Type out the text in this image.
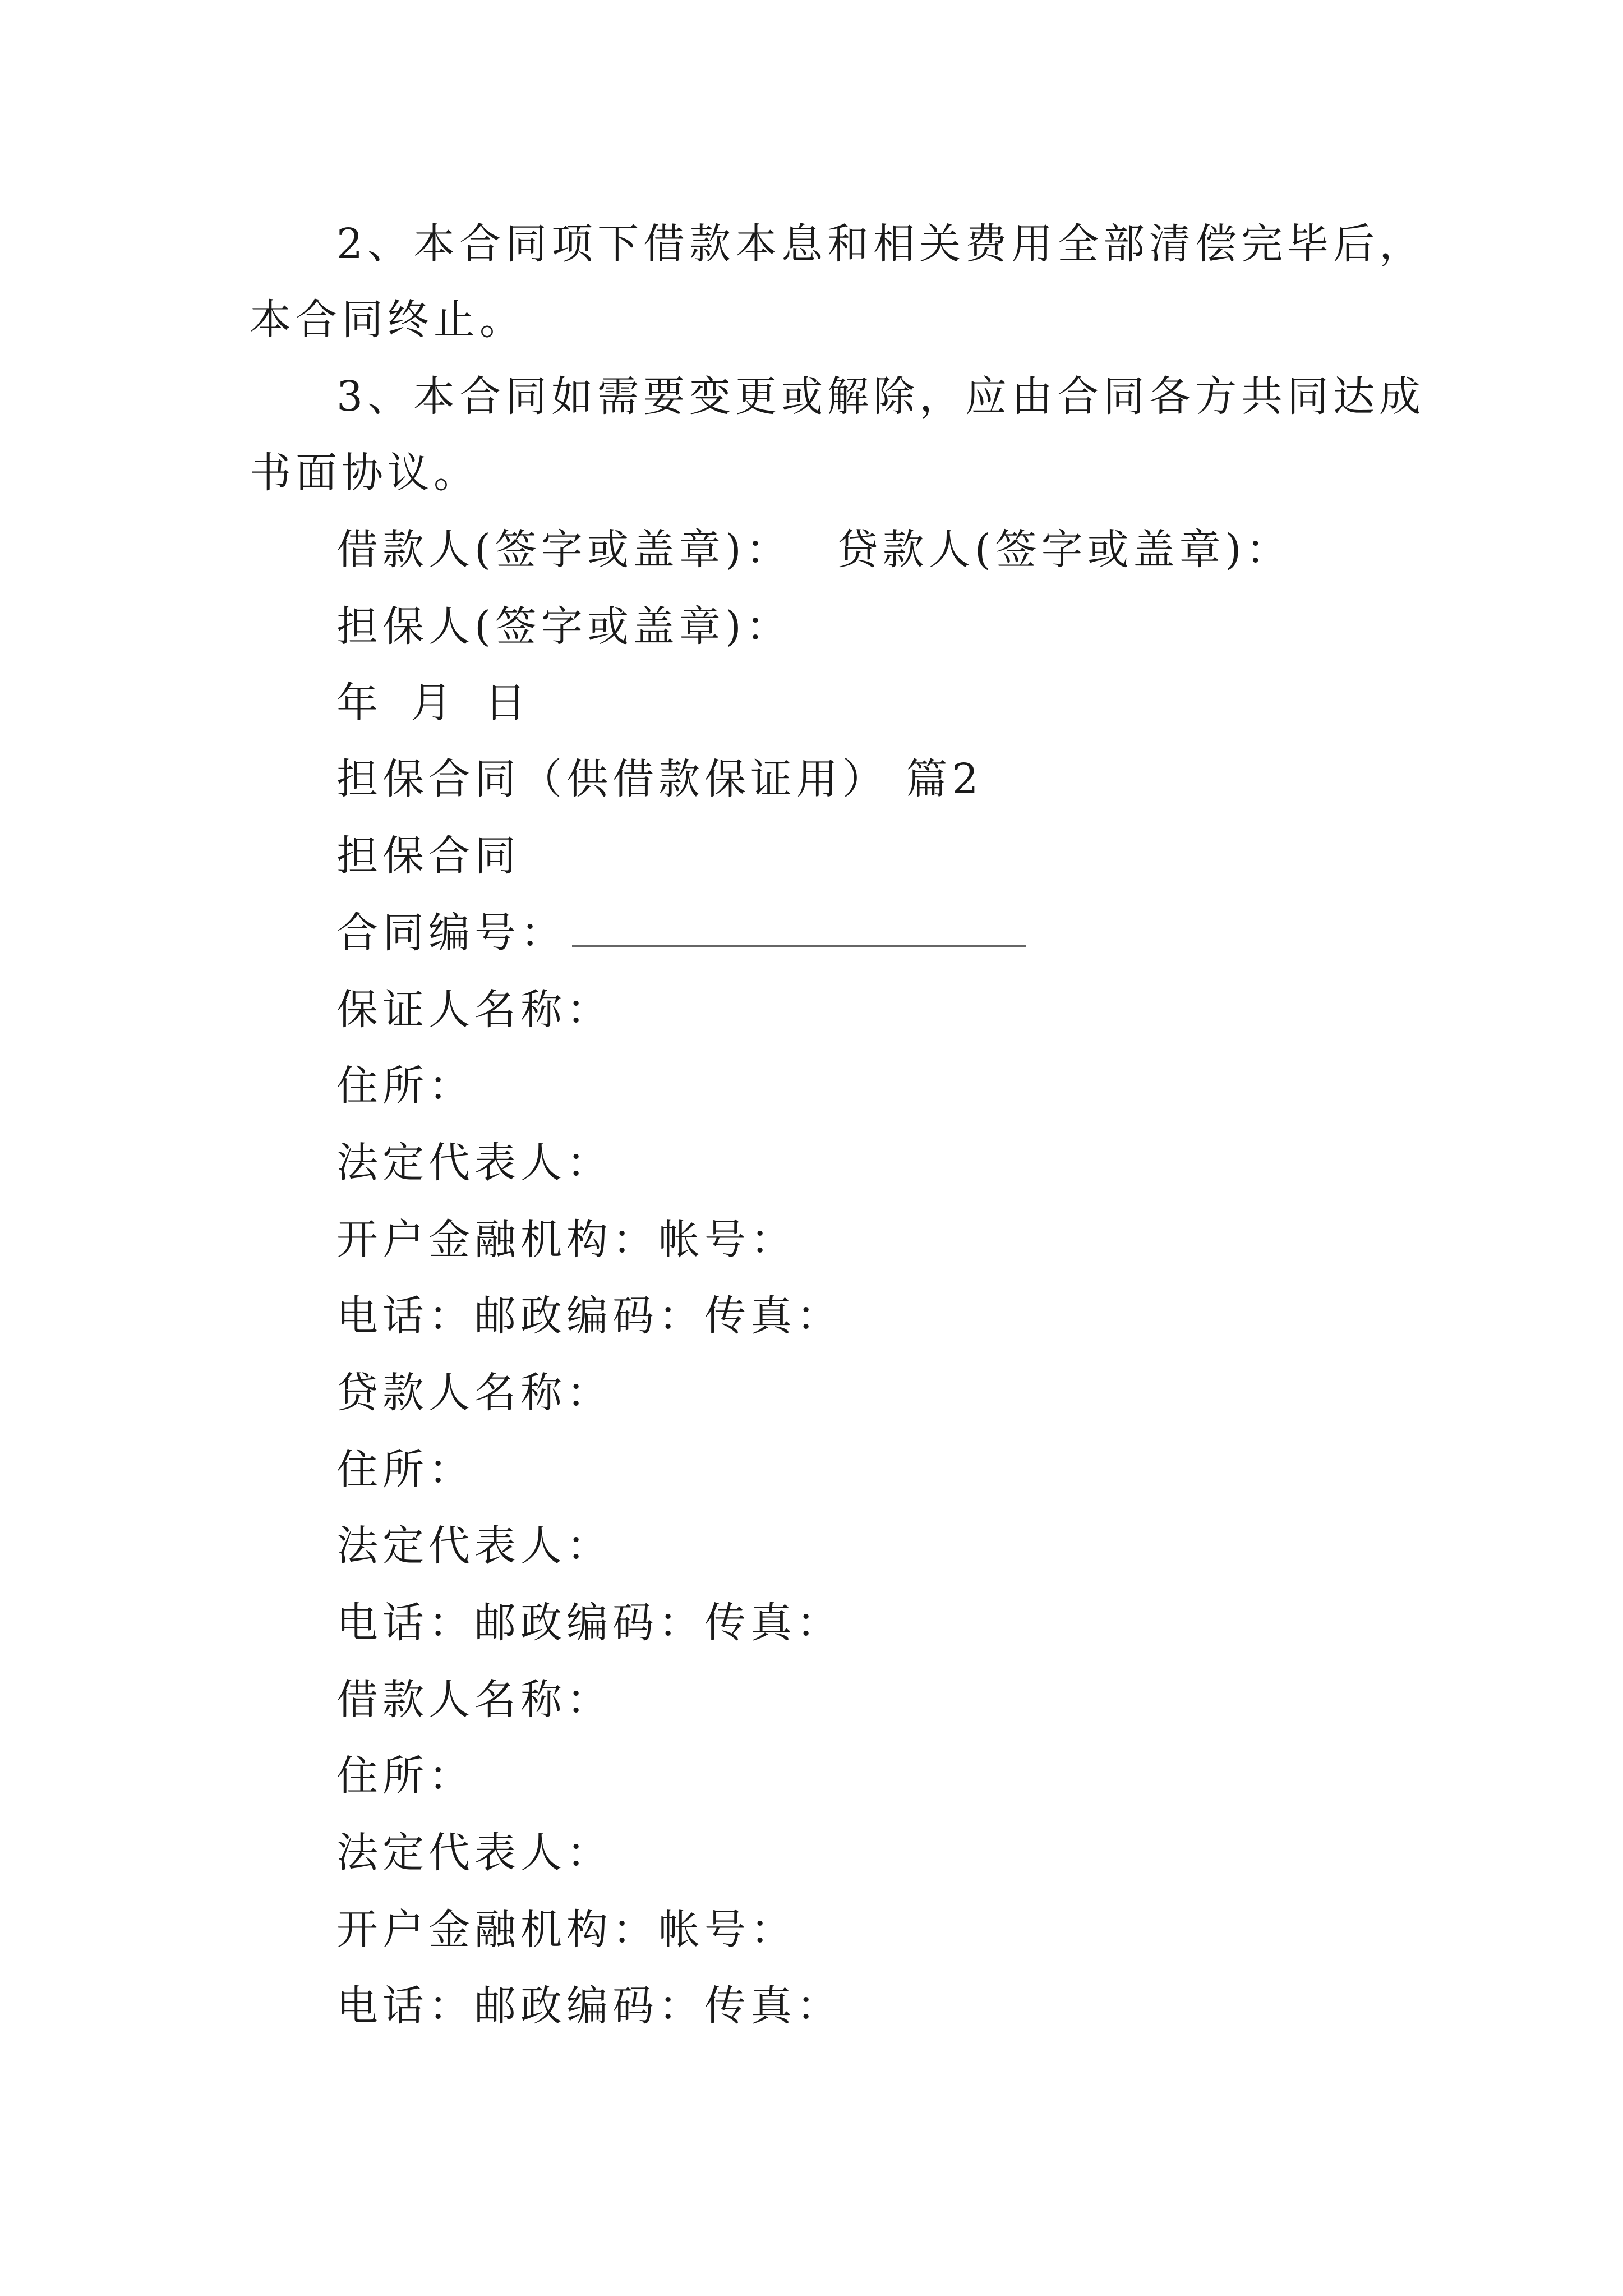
2、本合同项下借款本息和相关费用全部清偿完毕后，
本合同终止。
3、本合同如需要变更或解除，应由合同各方共同达成
书面协议。
借款人(签字或盖章)： 贷款人(签字或盖章)：
担保人(签字或盖章)：
年 月 日
担保合同（供借款保证用） 篇2
担保合同
合同编号：
保证人名称：
住所：
法定代表人：
开户金融机构：帐号：
电话：邮政编码：传真：
贷款人名称：
住所：
法定代表人：
电话：邮政编码：传真：
借款人名称：
住所：
法定代表人：
开户金融机构：帐号：
电话：邮政编码：传真：
